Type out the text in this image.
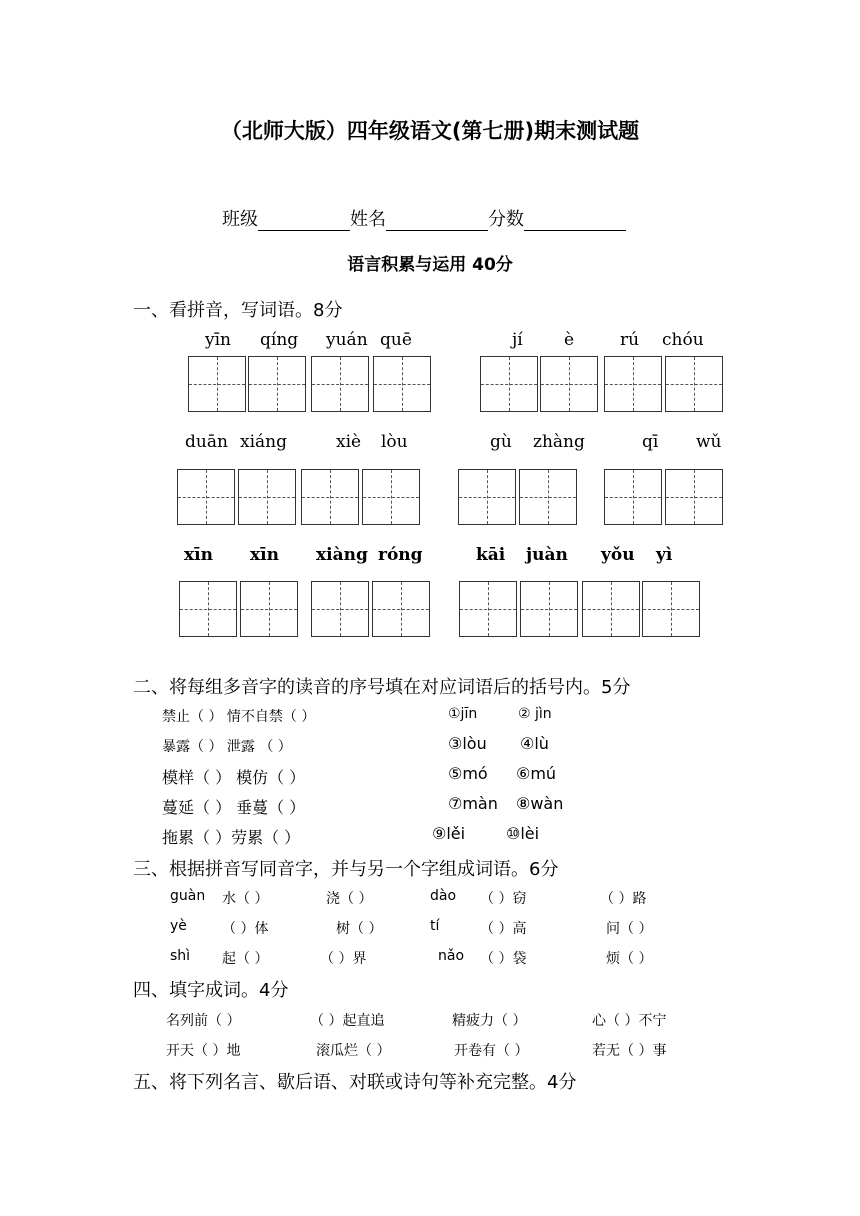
（北师大版）四年级语文(第七册)期末测试题
班级	姓名	分数
语言积累与运用 40分
一、看拼音，写词语。8分
yīn qíng yuán quē	jí è	rú chóu
duān xiáng	xiè lòu	gù zhàng	qī wǔ
xīn xīn xiàng róng	kāi juàn yǒu yì
二、将每组多音字的读音的序号填在对应词语后的括号内。5分
禁止（ ） 情不自禁（ ）	①jīn	② jìn
暴露（ ） 泄露 （ ）	③lòu ④lù
模样（ ） 模仿（ ）	⑤mó ⑥mú
蔓延（ ） 垂蔓（ ）	⑦màn ⑧wàn
拖累（ ）劳累（ ）	⑨lěi	⑩lèi
三、根据拼音写同音字，并与另一个字组成词语。6分
guàn 水（ ）	浇（ ）	dào （ ）窃	（ ）路
yè	（ ）体	树（ ）	tí	（ ）高	问（ ）
shì 起（ ）	（ ）界	nǎo （ ）袋	烦（ ）
四、填字成词。4分
名列前（ ）	（ ）起直追	精疲力（ ）	心（ ）不宁
开天（ ）地	滚瓜烂（ ）	开卷有（ ）	若无（ ）事
五、将下列名言、歇后语、对联或诗句等补充完整。4分
